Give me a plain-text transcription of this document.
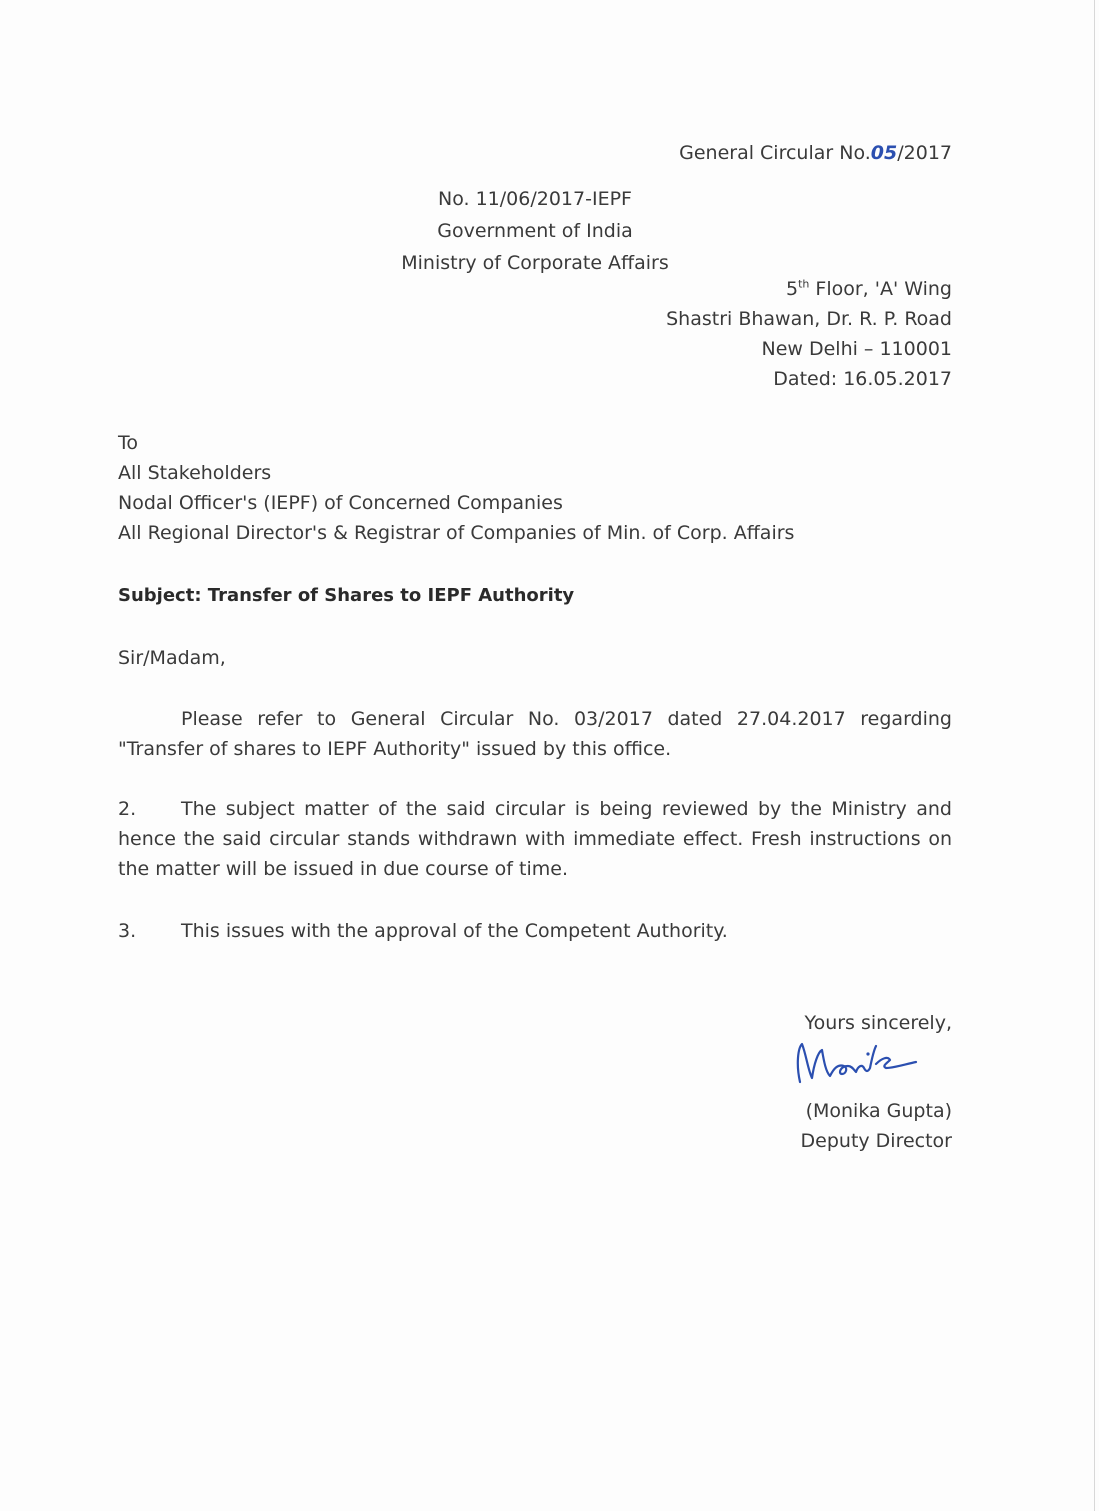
General Circular No.05/2017
No. 11/06/2017-IEPF
Government of India
Ministry of Corporate Affairs
5th Floor, 'A' Wing
Shastri Bhawan, Dr. R. P. Road
New Delhi – 110001
Dated: 16.05.2017
To
All Stakeholders
Nodal Officer's (IEPF) of Concerned Companies
All Regional Director's & Registrar of Companies of Min. of Corp. Affairs
Subject: Transfer of Shares to IEPF Authority
Sir/Madam,
Please refer to General Circular No. 03/2017 dated 27.04.2017 regarding "Transfer of shares to IEPF Authority" issued by this office.
2. The subject matter of the said circular is being reviewed by the Ministry and hence the said circular stands withdrawn with immediate effect. Fresh instructions on the matter will be issued in due course of time.
3. This issues with the approval of the Competent Authority.
Yours sincerely,
(Monika Gupta)
Deputy Director
